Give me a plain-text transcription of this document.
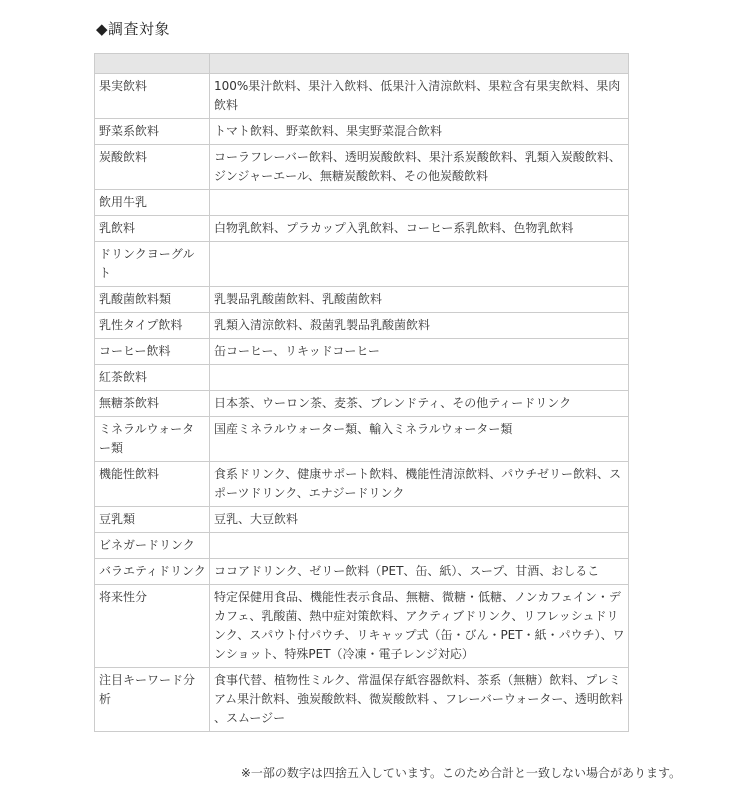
◆調査対象

果実飲料	100%果汁飲料、果汁入飲料、低果汁入清涼飲料、果粒含有果実飲料、果肉飲料
野菜系飲料	トマト飲料、野菜飲料、果実野菜混合飲料
炭酸飲料	コーラフレーバー飲料、透明炭酸飲料、果汁系炭酸飲料、乳類入炭酸飲料、ジンジャーエール、無糖炭酸飲料、その他炭酸飲料
飲用牛乳	
乳飲料	白物乳飲料、プラカップ入乳飲料、コーヒー系乳飲料、色物乳飲料
ドリンクヨーグルト	
乳酸菌飲料類	乳製品乳酸菌飲料、乳酸菌飲料
乳性タイプ飲料	乳類入清涼飲料、殺菌乳製品乳酸菌飲料
コーヒー飲料	缶コーヒー、リキッドコーヒー
紅茶飲料	
無糖茶飲料	日本茶、ウーロン茶、麦茶、ブレンドティ、その他ティードリンク
ミネラルウォーター類	国産ミネラルウォーター類、輸入ミネラルウォーター類
機能性飲料	食系ドリンク、健康サポート飲料、機能性清涼飲料、パウチゼリー飲料、スポーツドリンク、エナジードリンク
豆乳類	豆乳、大豆飲料
ビネガードリンク	
バラエティドリンク	ココアドリンク、ゼリー飲料（PET、缶、紙）、スープ、甘酒、おしるこ
将来性分	特定保健用食品、機能性表示食品、無糖、微糖・低糖、ノンカフェイン・デカフェ、乳酸菌、熱中症対策飲料、アクティブドリンク、リフレッシュドリンク、スパウト付パウチ、リキャップ式（缶・びん・PET・紙・パウチ）、ワンショット、特殊PET（冷凍・電子レンジ対応）
注目キーワード分析	食事代替、植物性ミルク、常温保存紙容器飲料、茶系（無糖）飲料、プレミアム果汁飲料、強炭酸飲料、微炭酸飲料 、フレーバーウォーター、透明飲料 、スムージー
※一部の数字は四捨五入しています。このため合計と一致しない場合があります。
